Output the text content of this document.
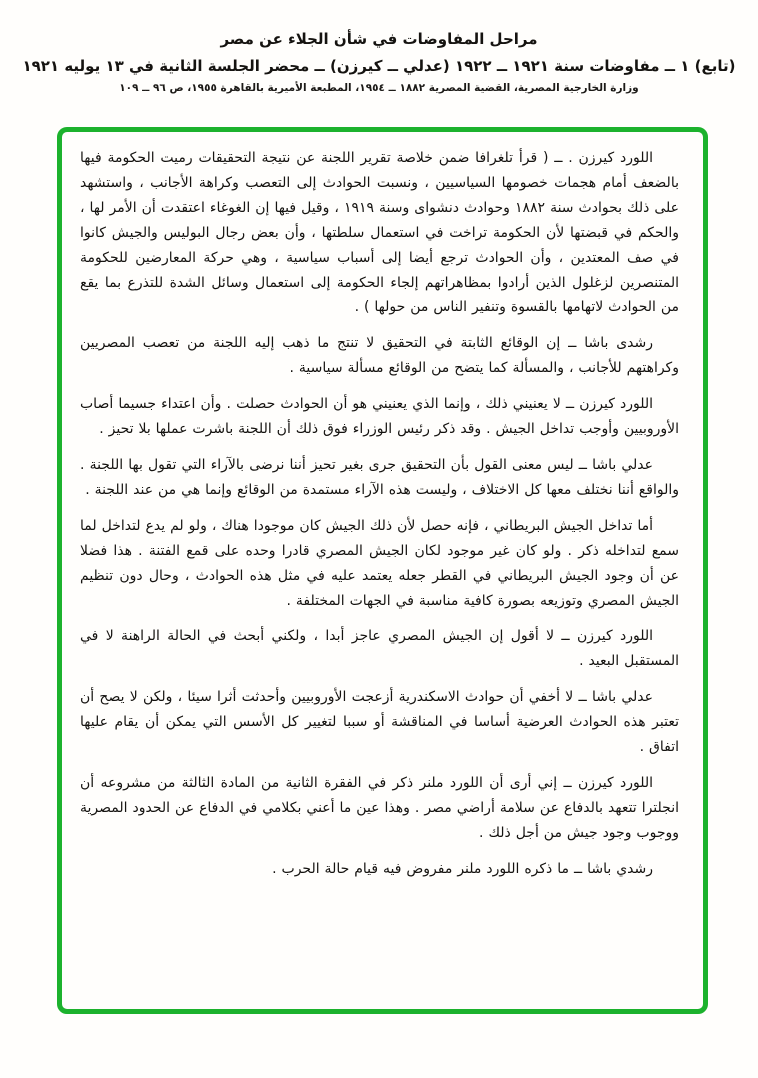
مراحل المفاوضات في شأن الجلاء عن مصر
(تابع) ١ ــ مفاوضات سنة ١٩٢١ ــ ١٩٢٢ (عدلي ــ كيرزن) ــ محضر الجلسة الثانية في ١٣ يوليه ١٩٢١
وزارة الخارجية المصرية، القضية المصرية ١٨٨٢ ــ ١٩٥٤، المطبعة الأميرية بالقاهرة ١٩٥٥، ص ٩٦ ــ ١٠٩

اللورد كيرزن . ــ ( قرأ تلغرافا ضمن خلاصة تقرير اللجنة عن نتيجة التحقيقات رميت الحكومة فيها بالضعف أمام هجمات خصومها السياسيين ، ونسبت الحوادث إلى التعصب وكراهة الأجانب ، واستشهد على ذلك بحوادث سنة ١٨٨٢ وحوادث دنشواى وسنة ١٩١٩ ، وقيل فيها إن الغوغاء اعتقدت أن الأمر لها ، والحكم في قبضتها لأن الحكومة تراخت في استعمال سلطتها ، وأن بعض رجال البوليس والجيش كانوا في صف المعتدين ، وأن الحوادث ترجع أيضا إلى أسباب سياسية ، وهي حركة المعارضين للحكومة المتنصرين لزغلول الذين أرادوا بمظاهراتهم إلجاء الحكومة إلى استعمال وسائل الشدة للتذرع بما يقع من الحوادث لاتهامها بالقسوة وتنفير الناس من حولها ) .

رشدى باشا ــ إن الوقائع الثابتة في التحقيق لا تنتج ما ذهب إليه اللجنة من تعصب المصريين وكراهتهم للأجانب ، والمسألة كما يتضح من الوقائع مسألة سياسية .

اللورد كيرزن ــ لا يعنيني ذلك ، وإنما الذي يعنيني هو أن الحوادث حصلت . وأن اعتداء جسيما أصاب الأوروبيين وأوجب تداخل الجيش . وقد ذكر رئيس الوزراء فوق ذلك أن اللجنة باشرت عملها بلا تحيز .

عدلي باشا ــ ليس معنى القول بأن التحقيق جرى بغير تحيز أننا نرضى بالآراء التي تقول بها اللجنة . والواقع أننا نختلف معها كل الاختلاف ، وليست هذه الآراء مستمدة من الوقائع وإنما هي من عند اللجنة .

أما تداخل الجيش البريطاني ، فإنه حصل لأن ذلك الجيش كان موجودا هناك ، ولو لم يدع لتداخل لما سمع لتداخله ذكر . ولو كان غير موجود لكان الجيش المصري قادرا وحده على قمع الفتنة . هذا فضلا عن أن وجود الجيش البريطاني في القطر جعله يعتمد عليه في مثل هذه الحوادث ، وحال دون تنظيم الجيش المصري وتوزيعه بصورة كافية مناسبة في الجهات المختلفة .

اللورد كيرزن ــ لا أقول إن الجيش المصري عاجز أبدا ، ولكني أبحث في الحالة الراهنة لا في المستقبل البعيد .

عدلي باشا ــ لا أخفي أن حوادث الاسكندرية أزعجت الأوروبيين وأحدثت أثرا سيئا ، ولكن لا يصح أن تعتبر هذه الحوادث العرضية أساسا في المناقشة أو سببا لتغيير كل الأسس التي يمكن أن يقام عليها اتفاق .

اللورد كيرزن ــ إني أرى أن اللورد ملنر ذكر في الفقرة الثانية من المادة الثالثة من مشروعه أن انجلترا تتعهد بالدفاع عن سلامة أراضي مصر . وهذا عين ما أعني بكلامي في الدفاع عن الحدود المصرية ووجوب وجود جيش من أجل ذلك .

رشدي باشا ــ ما ذكره اللورد ملنر مفروض فيه قيام حالة الحرب .
